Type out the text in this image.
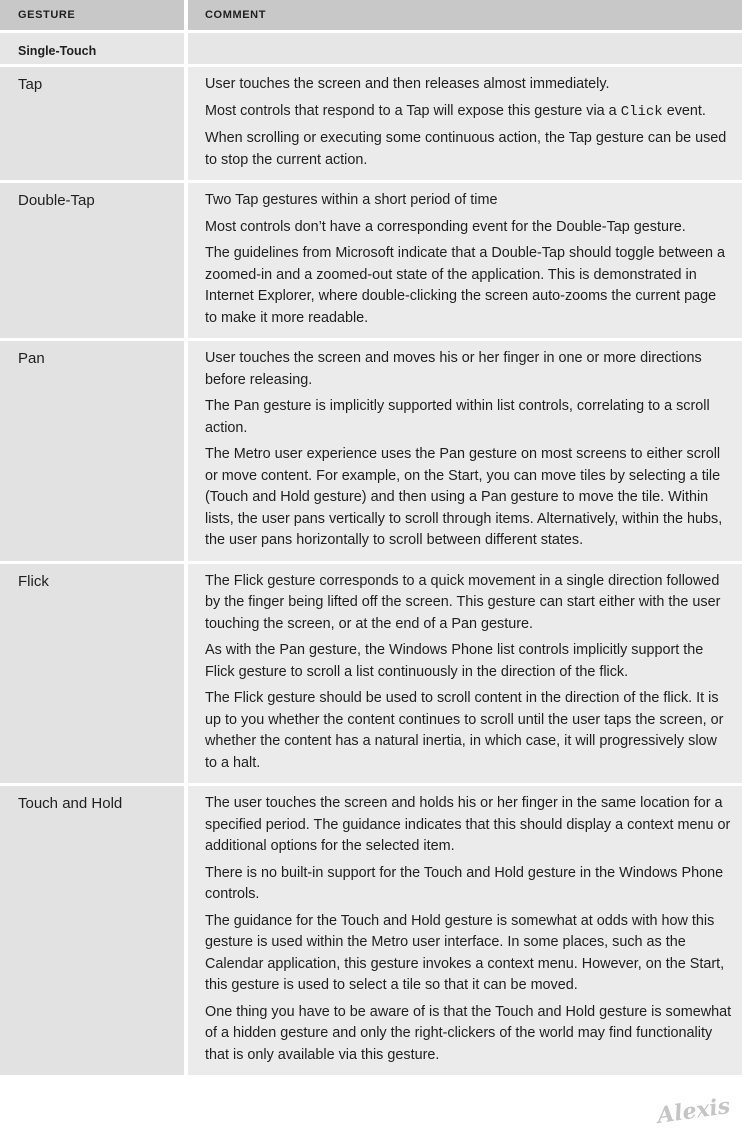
GESTURE	COMMENT
Single-Touch	
Tap	User touches the screen and then releases almost immediately.

Most controls that respond to a Tap will expose this gesture via a Click event.

When scrolling or executing some continuous action, the Tap gesture can be used to stop the current action.

Double-Tap	Two Tap gestures within a short period of time

Most controls don’t have a corresponding event for the Double-Tap gesture.

The guidelines from Microsoft indicate that a Double-Tap should toggle between a zoomed-in and a zoomed-out state of the application. This is demonstrated in Internet Explorer, where double-clicking the screen auto-zooms the current page to make it more readable.

Pan	User touches the screen and moves his or her finger in one or more directions before releasing.

The Pan gesture is implicitly supported within list controls, correlating to a scroll action.

The Metro user experience uses the Pan gesture on most screens to either scroll or move content. For example, on the Start, you can move tiles by selecting a tile (Touch and Hold gesture) and then using a Pan gesture to move the tile. Within lists, the user pans vertically to scroll through items. Alternatively, within the hubs, the user pans horizontally to scroll between different states.

Flick	The Flick gesture corresponds to a quick movement in a single direction followed by the finger being lifted off the screen. This gesture can start either with the user touching the screen, or at the end of a Pan gesture.

As with the Pan gesture, the Windows Phone list controls implicitly support the Flick gesture to scroll a list continuously in the direction of the flick.

The Flick gesture should be used to scroll content in the direction of the flick. It is up to you whether the content continues to scroll until the user taps the screen, or whether the content has a natural inertia, in which case, it will progressively slow to a halt.

Touch and Hold	The user touches the screen and holds his or her finger in the same location for a specified period. The guidance indicates that this should display a context menu or additional options for the selected item.

There is no built-in support for the Touch and Hold gesture in the Windows Phone controls.

The guidance for the Touch and Hold gesture is somewhat at odds with how this gesture is used within the Metro user interface. In some places, such as the Calendar application, this gesture invokes a context menu. However, on the Start, this gesture is used to select a tile so that it can be moved.

One thing you have to be aware of is that the Touch and Hold gesture is somewhat of a hidden gesture and only the right-clickers of the world may find functionality that is only available via this gesture.

Alexis
